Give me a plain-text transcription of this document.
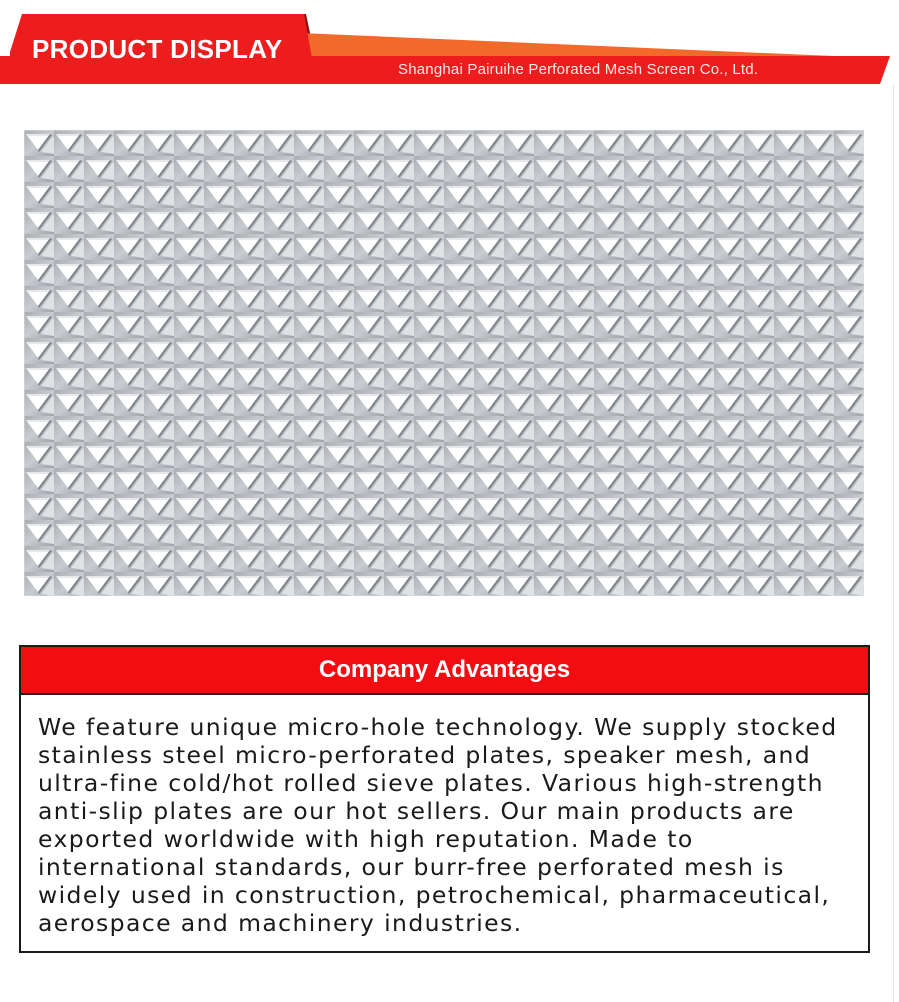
PRODUCT DISPLAY
Shanghai Pairuihe Perforated Mesh Screen Co., Ltd.
Company Advantages
We feature unique micro-hole technology. We supply stocked stainless steel micro-perforated plates, speaker mesh, and ultra-fine cold/hot rolled sieve plates. Various high-strength anti-slip plates are our hot sellers. Our main products are exported worldwide with high reputation. Made to international standards, our burr-free perforated mesh is widely used in construction, petrochemical, pharmaceutical, aerospace and machinery industries.
